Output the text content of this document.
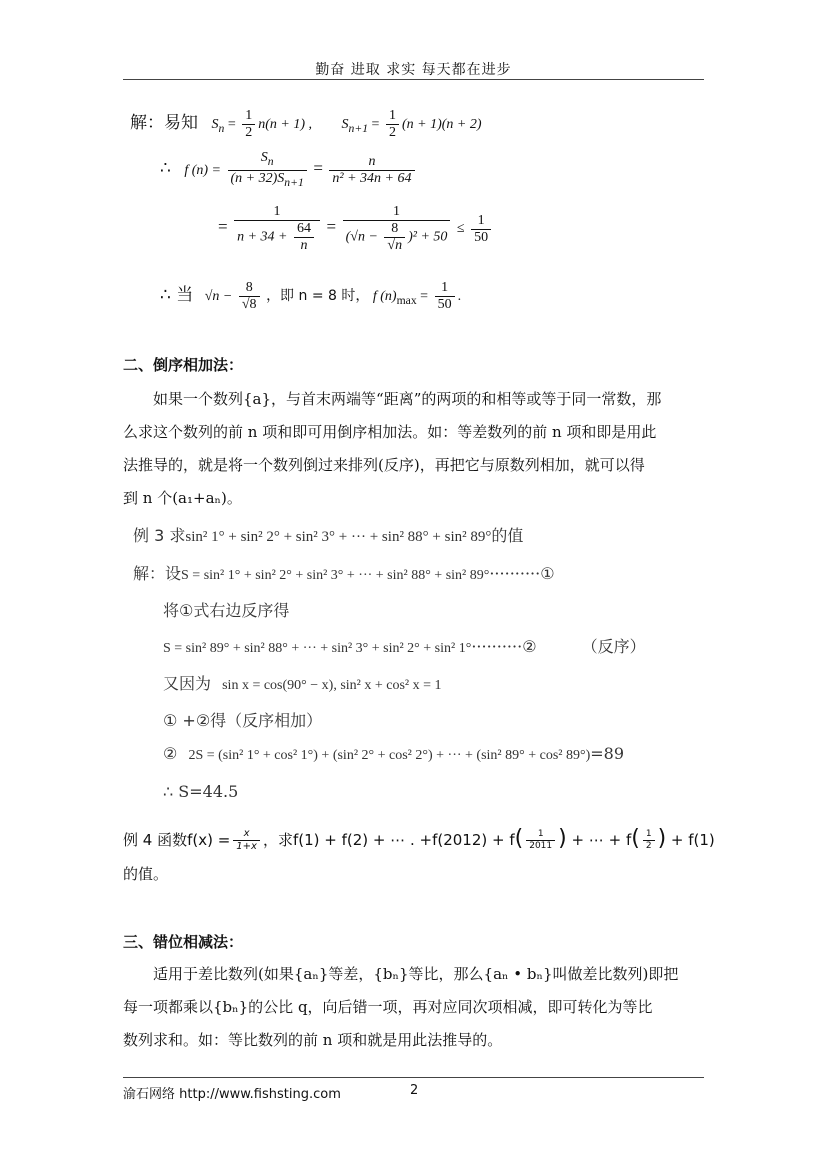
勤奋 进取 求实 每天都在进步
解：易知 $S_n = \frac{1}{2} n(n + 1)$ , $S_{n+1} = \frac{1}{2} (n + 1)(n + 2)$
∴ f $(n) = \frac{S_n}{(n + 32)S_{n+1}} = \frac{n}{\text{n² + 34n + 64}}$
= $\frac{1}{n + 34 + \frac{64}{n}} = \frac{1}{(√n - \frac{8}{√n} )^2 + 50} \le \frac{1}{50}$
∴ 当 $√n - \frac{8}{√8}$ ，即 n = 8 时， f $(n)_{max} = \frac{1}{50}$ .
二、倒序相加法：
如果一个数列{a}，与首末两端等“距离”的两项的和相等或等于同一常数，那
么求这个数列的前 n 项和即可用倒序相加法。如：等差数列的前 n 项和即是用此
法推导的，就是将一个数列倒过来排列(反序)，再把它与原数列相加，就可以得
到 n 个(a₁+aₙ)。
例 3 求sin² 1° + sin² 2° + sin² 3° + ··· + sin² 88° + sin² 89°的值
解：设S = sin² 1° + sin² 2° + sin² 3° + ··· + sin² 88° + sin² 89°··········①
将①式右边反序得
S = sin² 89° + sin² 88° + ··· + sin² 3° + sin² 2° + sin² 1°··········②	（反序）
又因为 sin x = cos(90° − x), sin² x + cos² x = 1
① +②得（反序相加）
② 2S = (sin² 1° + cos² 1°) + (sin² 2° + cos² 2°) + ··· + (sin² 89° + cos² 89°)=89
∴ S=44.5
例 4 函数$f(x) = \frac{x}{1+x}$ ，求f(1) + f(2) + ⋯ . $+f(2012) + f( \frac{1}{2011}$ ) + ⋯ + $f( \frac{1}{2}$ ) + f(1)
的值。
三、错位相减法：
适用于差比数列(如果{aₙ}等差，{bₙ}等比，那么{aₙ • bₙ}叫做差比数列)即把
每一项都乘以{bₙ}的公比 q，向后错一项，再对应同次项相减，即可转化为等比
数列求和。如：等比数列的前 n 项和就是用此法推导的。
渝石网络 http://www.fishsting.com	2
